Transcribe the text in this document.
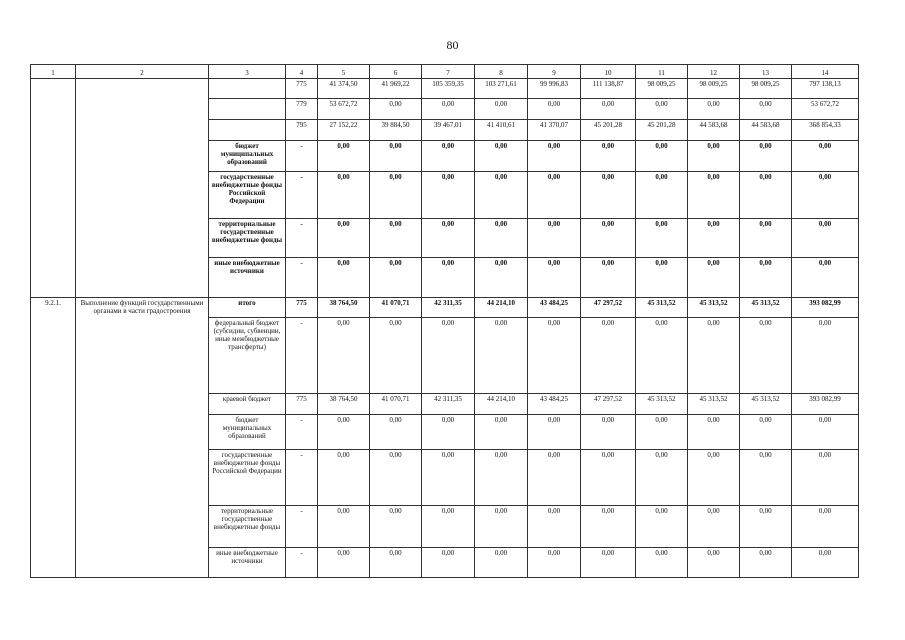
80
1	2	3	4	5	6	7	8	9	10	11	12	13	14
			775	41 374,50	41 969,22	105 359,35	103 271,61	99 996,83	111 138,87	98 009,25	98 009,25	98 009,25	797 138,13
			779	53 672,72	0,00	0,00	0,00	0,00	0,00	0,00	0,00	0,00	53 672,72
			795	27 152,22	39 884,50	39 467,01	41 410,61	41 370,07	45 201,28	45 201,28	44 583,68	44 583,68	368 854,33
		бюджет муниципальных образований	-	0,00	0,00	0,00	0,00	0,00	0,00	0,00	0,00	0,00	0,00
		государственные внебюджетные фонды Российской Федерации	-	0,00	0,00	0,00	0,00	0,00	0,00	0,00	0,00	0,00	0,00
		территориальные государственные внебюджетные фонды	-	0,00	0,00	0,00	0,00	0,00	0,00	0,00	0,00	0,00	0,00
		иные внебюджетные источники	-	0,00	0,00	0,00	0,00	0,00	0,00	0,00	0,00	0,00	0,00
9.2.1.	Выполнение функций государственными органами в части градостроения	итого	775	38 764,50	41 070,71	42 311,35	44 214,10	43 484,25	47 297,52	45 313,52	45 313,52	45 313,52	393 082,99
		федеральный бюджет (субсидии, субвенции, иные межбюджетные трансферты)	-	0,00	0,00	0,00	0,00	0,00	0,00	0,00	0,00	0,00	0,00
		краевой бюджет	775	38 764,50	41 070,71	42 311,35	44 214,10	43 484,25	47 297,52	45 313,52	45 313,52	45 313,52	393 082,99
		бюджет муниципальных образований	-	0,00	0,00	0,00	0,00	0,00	0,00	0,00	0,00	0,00	0,00
		государственные внебюджетные фонды Российской Федерации	-	0,00	0,00	0,00	0,00	0,00	0,00	0,00	0,00	0,00	0,00
		территориальные государственные внебюджетные фонды	-	0,00	0,00	0,00	0,00	0,00	0,00	0,00	0,00	0,00	0,00
		иные внебюджетные источники	-	0,00	0,00	0,00	0,00	0,00	0,00	0,00	0,00	0,00	0,00
